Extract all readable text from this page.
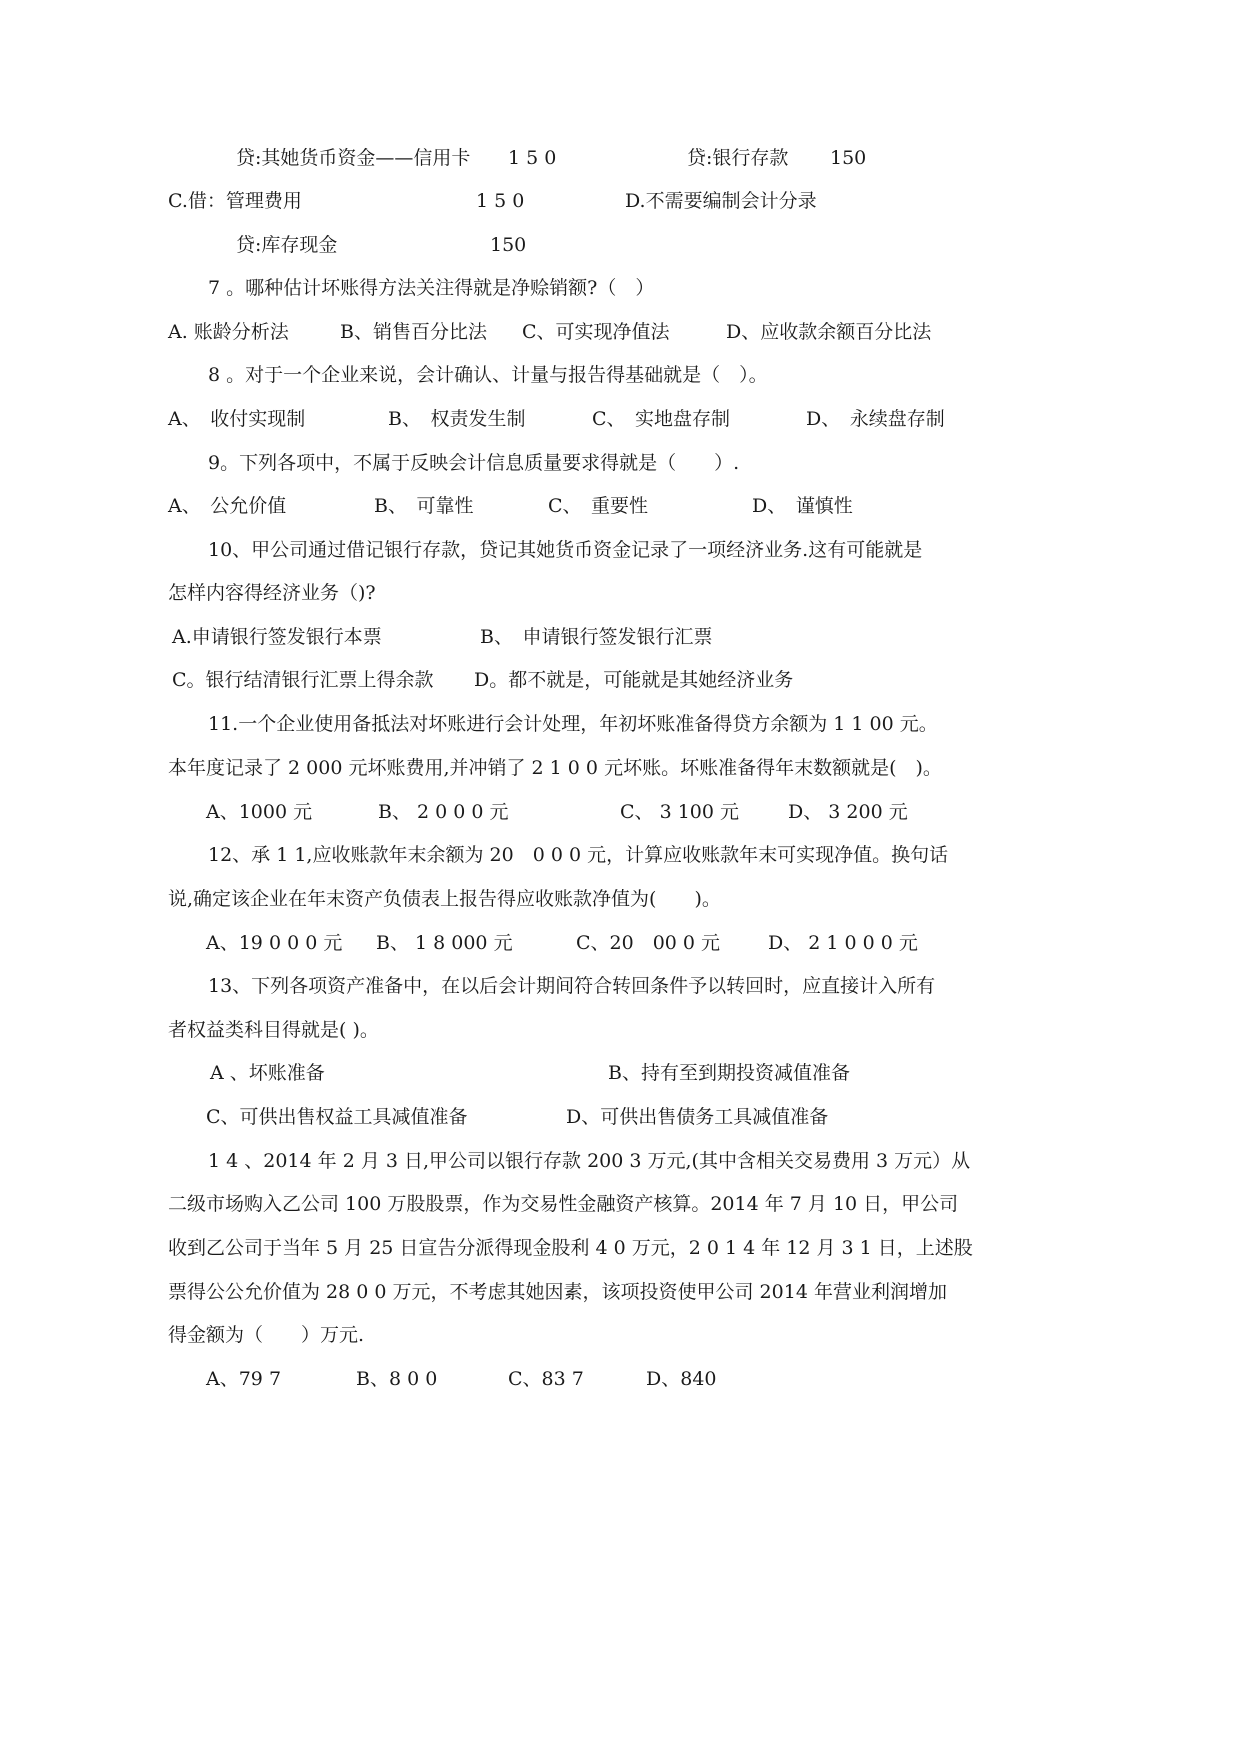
贷:其她货币资金——信用卡 1 5 0	贷:银行存款 150
C.借：管理费用	1 5 0	D.不需要编制会计分录
贷:库存现金	150
7 。哪种估计坏账得方法关注得就是净赊销额?（　）
A. 账龄分析法	B、销售百分比法 C、可实现净值法	D、应收款余额百分比法
8 。对于一个企业来说，会计确认、计量与报告得基础就是（　）。
A、　收付实现制	B、　权责发生制	C、　实地盘存制	D、　永续盘存制
9。下列各项中，不属于反映会计信息质量要求得就是（　　）.
A、　公允价值	B、　可靠性	C、　重要性	D、　谨慎性
10、甲公司通过借记银行存款，贷记其她货币资金记录了一项经济业务.这有可能就是
怎样内容得经济业务（)?
A.申请银行签发银行本票	B、　申请银行签发银行汇票
C。银行结清银行汇票上得余款 D。都不就是，可能就是其她经济业务
11.一个企业使用备抵法对坏账进行会计处理，年初坏账准备得贷方余额为 1 1 00 元。
本年度记录了 2 000 元坏账费用,并冲销了 2 1 0 0 元坏账。坏账准备得年末数额就是(　)。
A、1000 元	B、 2 0 0 0 元	C、 3 100 元	D、 3 200 元
12、承 1 1,应收账款年末余额为 20　0 0 0 元，计算应收账款年末可实现净值。换句话
说,确定该企业在年末资产负债表上报告得应收账款净值为(　　)。
A、19 0 0 0 元 B、 1 8 000 元	C、20　00 0 元	D、 2 1 0 0 0 元
13、下列各项资产准备中，在以后会计期间符合转回条件予以转回时，应直接计入所有
者权益类科目得就是( )。
A 、坏账准备	B、持有至到期投资减值准备
C、可供出售权益工具减值准备	D、可供出售债务工具减值准备
1 4 、2014 年 2 月 3 日,甲公司以银行存款 200 3 万元,(其中含相关交易费用 3 万元）从
二级市场购入乙公司 100 万股股票，作为交易性金融资产核算。2014 年 7 月 10 日，甲公司
收到乙公司于当年 5 月 25 日宣告分派得现金股利 4 0 万元，2 0 1 4 年 12 月 3 1 日，上述股
票得公公允价值为 28 0 0 万元，不考虑其她因素，该项投资使甲公司 2014 年营业利润增加
得金额为（　　）万元.
A、79 7	B、8 0 0	C、83 7	D、840
